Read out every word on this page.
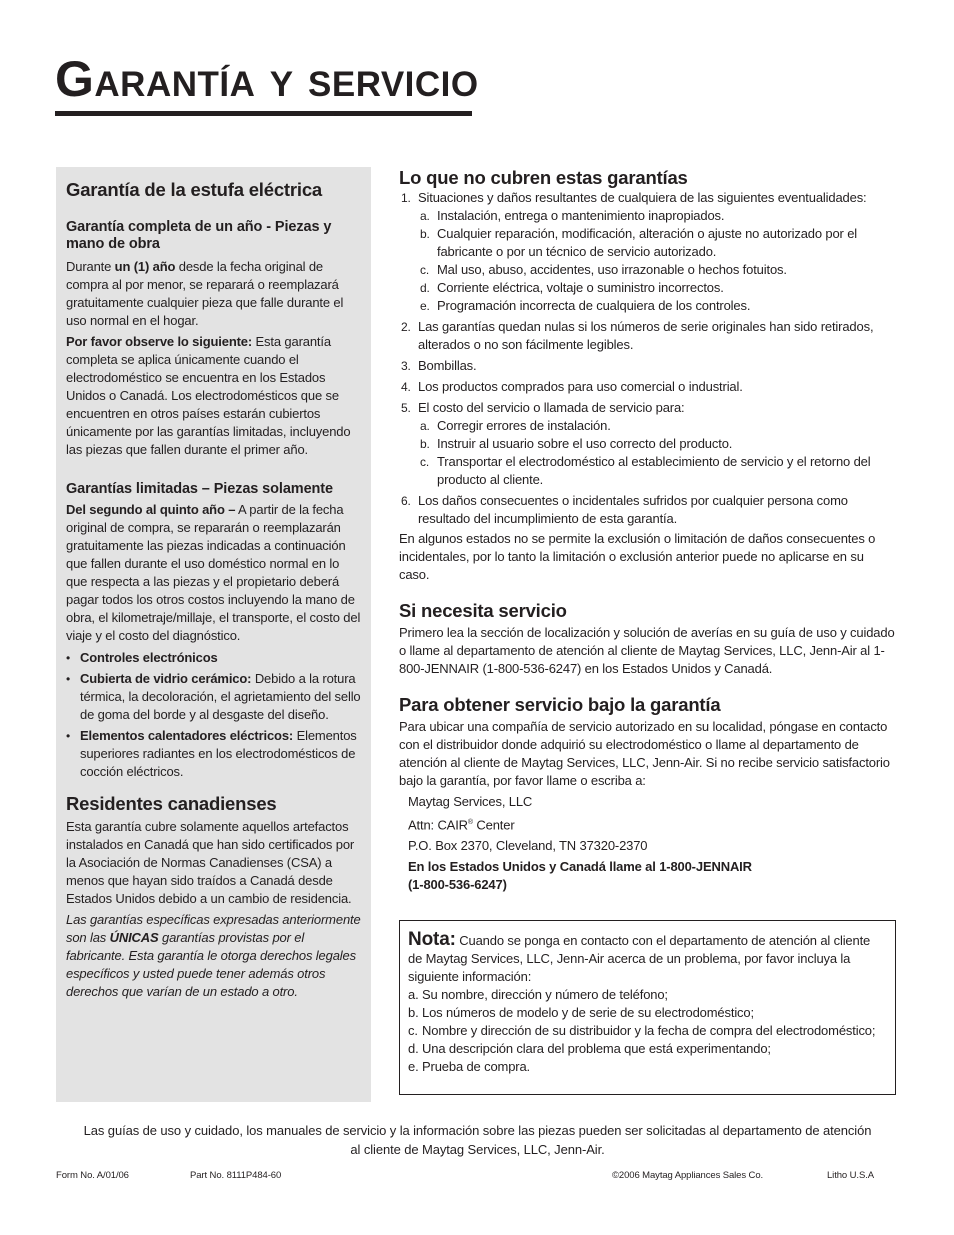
Garantía y servicio
Garantía de la estufa eléctrica
Garantía completa de un año - Piezas y mano de obra

Durante un (1) año desde la fecha original de compra al por menor, se reparará o reemplazará gratuitamente cualquier pieza que falle durante el uso normal en el hogar.

Por favor observe lo siguiente: Esta garantía completa se aplica únicamente cuando el electrodoméstico se encuentra en los Estados Unidos o Canadá. Los electrodomésticos que se encuentren en otros países estarán cubiertos únicamente por las garantías limitadas, incluyendo las piezas que fallen durante el primer año.

Garantías limitadas – Piezas solamente

Del segundo al quinto año – A partir de la fecha original de compra, se repararán o reemplazarán gratuitamente las piezas indicadas a continuación que fallen durante el uso doméstico normal en lo que respecta a las piezas y el propietario deberá pagar todos los otros costos incluyendo la mano de obra, el kilometraje/millaje, el transporte, el costo del viaje y el costo del diagnóstico.

• Controles electrónicos
• Cubierta de vidrio cerámico: Debido a la rotura térmica, la decoloración, el agrietamiento del sello de goma del borde y al desgaste del diseño.
• Elementos calentadores eléctricos: Elementos superiores radiantes en los electrodomésticos de cocción eléctricos.
Residentes canadienses

Esta garantía cubre solamente aquellos artefactos instalados en Canadá que han sido certificados por la Asociación de Normas Canadienses (CSA) a menos que hayan sido traídos a Canadá desde Estados Unidos debido a un cambio de residencia.

Las garantías específicas expresadas anteriormente son las ÚNICAS garantías provistas por el fabricante. Esta garantía le otorga derechos legales específicos y usted puede tener además otros derechos que varían de un estado a otro.

Lo que no cubren estas garantías
1. Situaciones y daños resultantes de cualquiera de las siguientes eventualidades:
a. Instalación, entrega o mantenimiento inapropiados.
b. Cualquier reparación, modificación, alteración o ajuste no autorizado por el fabricante o por un técnico de servicio autorizado.
c. Mal uso, abuso, accidentes, uso irrazonable o hechos fotuitos.
d. Corriente eléctrica, voltaje o suministro incorrectos.
e. Programación incorrecta de cualquiera de los controles.
2. Las garantías quedan nulas si los números de serie originales han sido retirados, alterados o no son fácilmente legibles.
3. Bombillas.
4. Los productos comprados para uso comercial o industrial.
5. El costo del servicio o llamada de servicio para:
a. Corregir errores de instalación.
b. Instruir al usuario sobre el uso correcto del producto.
c. Transportar el electrodoméstico al establecimiento de servicio y el retorno del producto al cliente.
6. Los daños consecuentes o incidentales sufridos por cualquier persona como resultado del incumplimiento de esta garantía.

En algunos estados no se permite la exclusión o limitación de daños consecuentes o incidentales, por lo tanto la limitación o exclusión anterior puede no aplicarse en su caso.

Si necesita servicio

Primero lea la sección de localización y solución de averías en su guía de uso y cuidado o llame al departamento de atención al cliente de Maytag Services, LLC, Jenn-Air al 1-800-JENNAIR (1-800-536-6247) en los Estados Unidos y Canadá.

Para obtener servicio bajo la garantía

Para ubicar una compañía de servicio autorizado en su localidad, póngase en contacto con el distribuidor donde adquirió su electrodoméstico o llame al departamento de atención al cliente de Maytag Services, LLC, Jenn-Air. Si no recibe servicio satisfactorio bajo la garantía, por favor llame o escriba a:

Maytag Services, LLC

Attn: CAIR® Center

P.O. Box 2370, Cleveland, TN 37320-2370

En los Estados Unidos y Canadá llame al 1-800-JENNAIR

(1-800-536-6247)

Nota: Cuando se ponga en contacto con el departamento de atención al cliente de Maytag Services, LLC, Jenn-Air acerca de un problema, por favor incluya la siguiente información:

a. Su nombre, dirección y número de teléfono;
b. Los números de modelo y de serie de su electrodoméstico;
c. Nombre y dirección de su distribuidor y la fecha de compra del electrodoméstico;
d. Una descripción clara del problema que está experimentando;
e. Prueba de compra.

Las guías de uso y cuidado, los manuales de servicio y la información sobre las piezas pueden ser solicitadas al departamento de atención al cliente de Maytag Services, LLC, Jenn-Air.

Form No. A/01/06	Part No. 8111P484-60	©2006 Maytag Appliances Sales Co.	Litho U.S.A
